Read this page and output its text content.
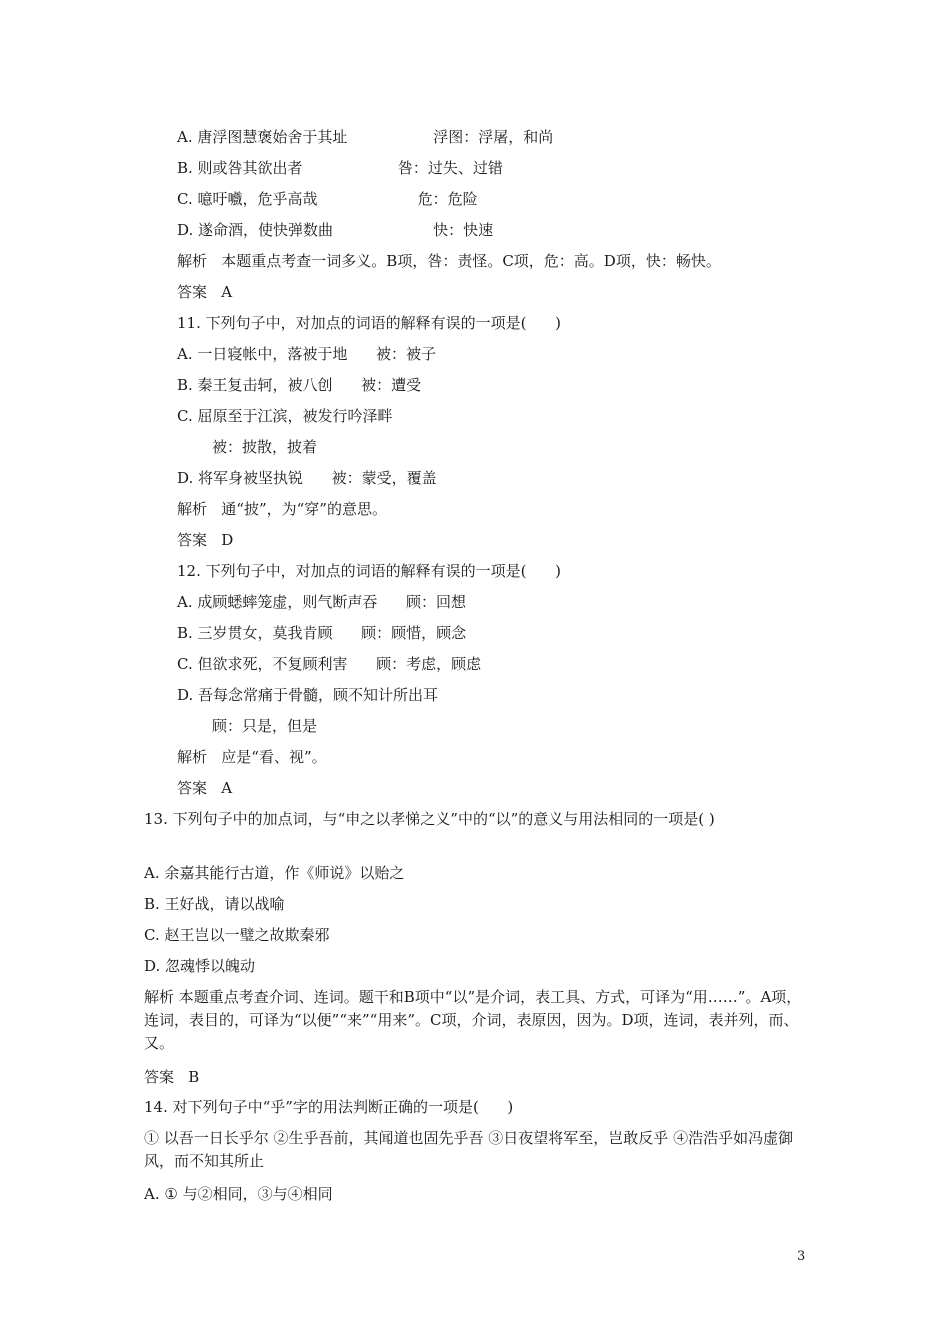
A. 唐浮图慧褒始舍于其址                  浮图：浮屠，和尚
B. 则或咎其欲出者                    咎：过失、过错
C. 噫吁嚱，危乎高哉                     危：危险
D. 遂命酒，使快弹数曲                     快：快速
解析   本题重点考查一词多义。B项，咎：责怪。C项，危：高。D项，快：畅快。
答案   A
11. 下列句子中，对加点的词语的解释有误的一项是(      )
A. 一日寝帐中，落被于地      被：被子
B. 秦王复击轲，被八创      被：遭受
C. 屈原至于江滨，被发行吟泽畔
被：披散，披着
D. 将军身被坚执锐      被：蒙受，覆盖
解析   通“披”，为“穿”的意思。
答案   D
12. 下列句子中，对加点的词语的解释有误的一项是(      )
A. 成顾蟋蟀笼虚，则气断声吞      顾：回想
B. 三岁贯女，莫我肯顾      顾：顾惜，顾念
C. 但欲求死，不复顾利害      顾：考虑，顾虑
D. 吾每念常痛于骨髓，顾不知计所出耳
顾：只是，但是
解析   应是“看、视”。
答案   A
13. 下列句子中的加点词，与“申之以孝悌之义”中的“以”的意义与用法相同的一项是( )
A. 余嘉其能行古道，作《师说》以贻之
B. 王好战，请以战喻
C. 赵王岂以一璧之故欺秦邪
D. 忽魂悸以魄动
解析 本题重点考查介词、连词。题干和B项中“以”是介词，表工具、方式，可译为“用……”。A项，连词，表目的，可译为“以便”“来”“用来”。C项，介词，表原因，因为。D项，连词，表并列，而、又。
答案   B
14. 对下列句子中“乎”字的用法判断正确的一项是(      )
① 以吾一日长乎尔 ②生乎吾前，其闻道也固先乎吾 ③日夜望将军至，岂敢反乎 ④浩浩乎如冯虚御风，而不知其所止
A. ① 与②相同，③与④相同
3
